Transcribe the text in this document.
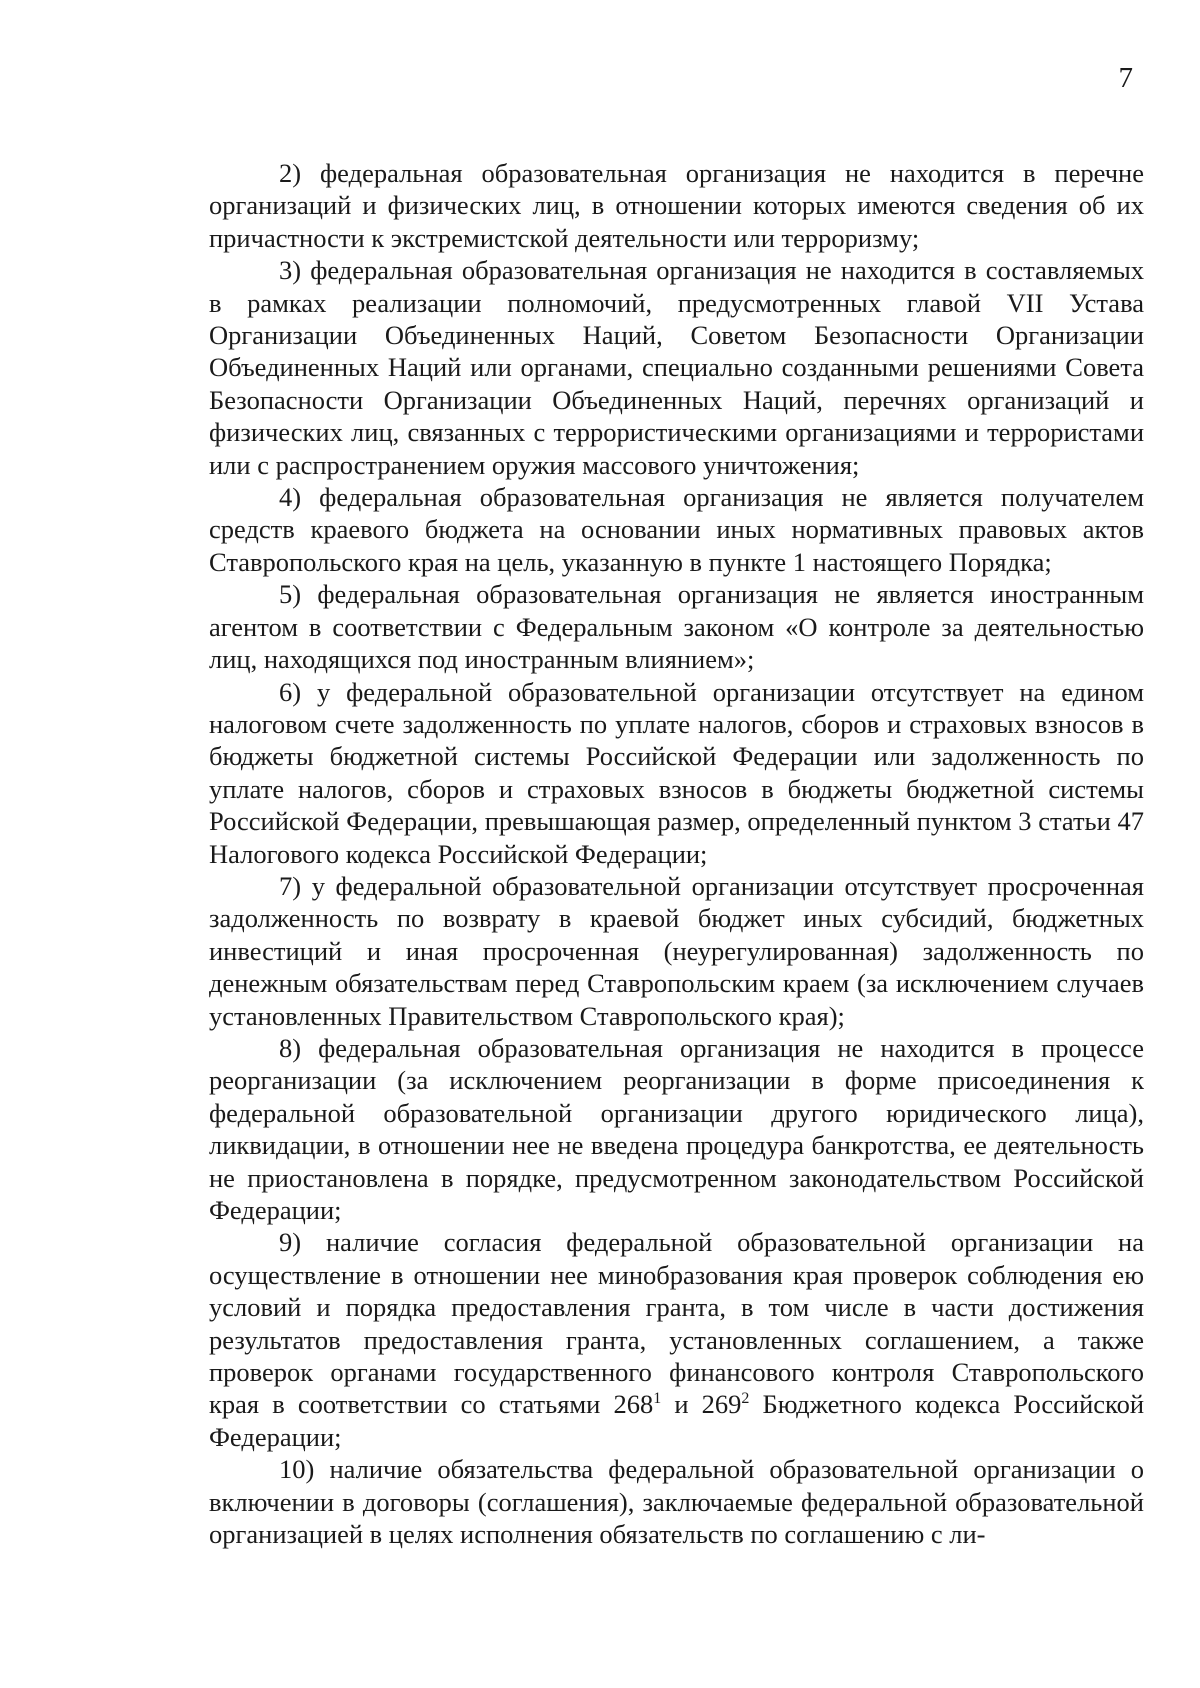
7

2) федеральная образовательная организация не находится в перечне организаций и физических лиц, в отношении которых имеются сведения об их причастности к экстремистской деятельности или терроризму;

3) федеральная образовательная организация не находится в составляемых в рамках реализации полномочий, предусмотренных главой VII Устава Организации Объединенных Наций, Советом Безопасности Организации Объединенных Наций или органами, специально созданными решениями Совета Безопасности Организации Объединенных Наций, перечнях организаций и физических лиц, связанных с террористическими организациями и террористами или с распространением оружия массового уничтожения;

4) федеральная образовательная организация не является получателем средств краевого бюджета на основании иных нормативных правовых актов Ставропольского края на цель, указанную в пункте 1 настоящего Порядка;

5) федеральная образовательная организация не является иностранным агентом в соответствии с Федеральным законом «О контроле за деятельностью лиц, находящихся под иностранным влиянием»;

6) у федеральной образовательной организации отсутствует на едином налоговом счете задолженность по уплате налогов, сборов и страховых взносов в бюджеты бюджетной системы Российской Федерации или задолженность по уплате налогов, сборов и страховых взносов в бюджеты бюджетной системы Российской Федерации, превышающая размер, определенный пунктом 3 статьи 47 Налогового кодекса Российской Федерации;

7) у федеральной образовательной организации отсутствует просроченная задолженность по возврату в краевой бюджет иных субсидий, бюджетных инвестиций и иная просроченная (неурегулированная) задолженность по денежным обязательствам перед Ставропольским краем (за исключением случаев установленных Правительством Ставропольского края);

8) федеральная образовательная организация не находится в процессе реорганизации (за исключением реорганизации в форме присоединения к федеральной образовательной организации другого юридического лица), ликвидации, в отношении нее не введена процедура банкротства, ее деятельность не приостановлена в порядке, предусмотренном законодательством Российской Федерации;

9) наличие согласия федеральной образовательной организации на осуществление в отношении нее минобразования края проверок соблюдения ею условий и порядка предоставления гранта, в том числе в части достижения результатов предоставления гранта, установленных соглашением, а также проверок органами государственного финансового контроля Ставропольского края в соответствии со статьями $268^1$ и $269^2$ Бюджетного кодекса Российской Федерации;

10) наличие обязательства федеральной образовательной организации о включении в договоры (соглашения), заключаемые федеральной образовательной организацией в целях исполнения обязательств по соглашению с ли-
